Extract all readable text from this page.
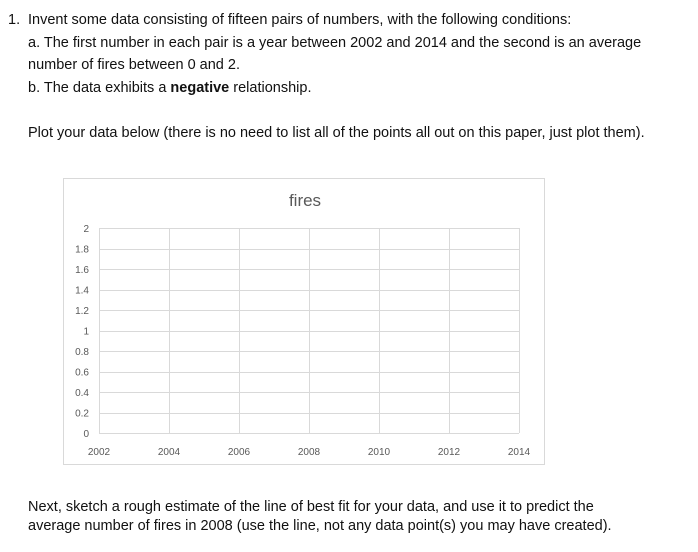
1. Invent some data consisting of fifteen pairs of numbers, with the following conditions:
a. The first number in each pair is a year between 2002 and 2014 and the second is an average
number of fires between 0 and 2.
b. The data exhibits a negative relationship.
Plot your data below (there is no need to list all of the points all out on this paper, just plot them).
fires
0
0.2
0.4
0.6
0.8
1
1.2
1.4
1.6
1.8
2
2002	2004	2006	2008	2010	2012	2014
Next, sketch a rough estimate of the line of best fit for your data, and use it to predict the
average number of fires in 2008 (use the line, not any data point(s) you may have created).
